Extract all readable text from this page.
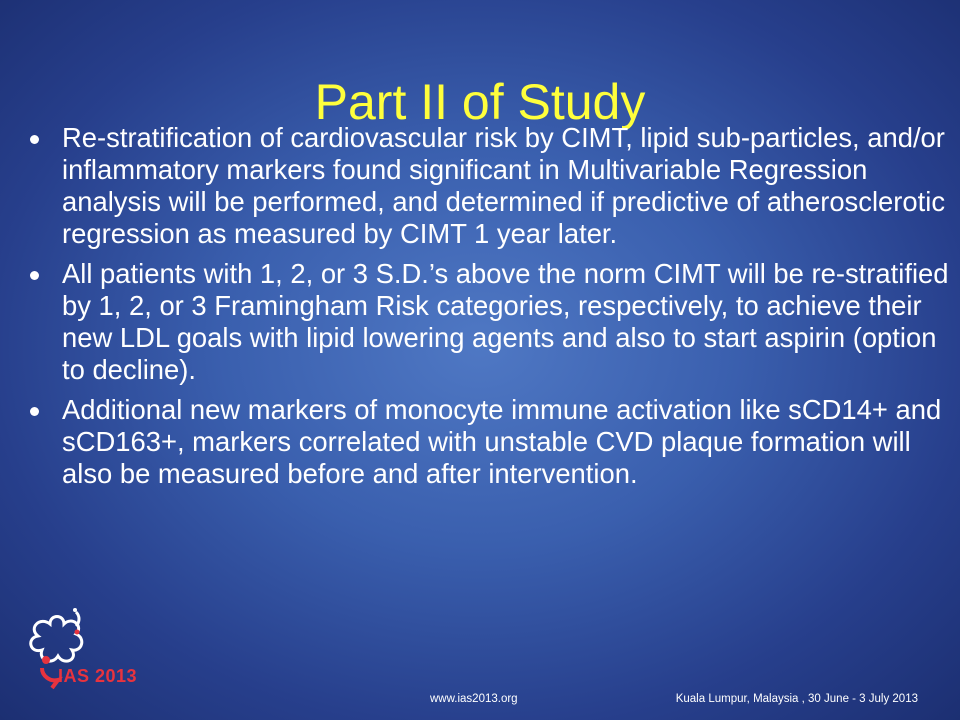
Part II of Study
Re-stratification of cardiovascular risk by CIMT, lipid sub-particles, and/or inflammatory markers found significant in Multivariable Regression analysis will be performed, and determined if predictive of atherosclerotic regression as measured by CIMT 1 year later.
All patients with 1, 2, or 3 S.D.’s above the norm CIMT will be re-stratified by 1, 2, or 3 Framingham Risk categories, respectively, to achieve their new LDL goals with lipid lowering agents and also to start aspirin (option to decline).
Additional new markers of monocyte immune activation like sCD14+ and sCD163+, markers correlated with unstable CVD plaque formation will also be measured before and after intervention.
IAS 2013
www.ias2013.org	Kuala Lumpur, Malaysia , 30 June - 3 July 2013
